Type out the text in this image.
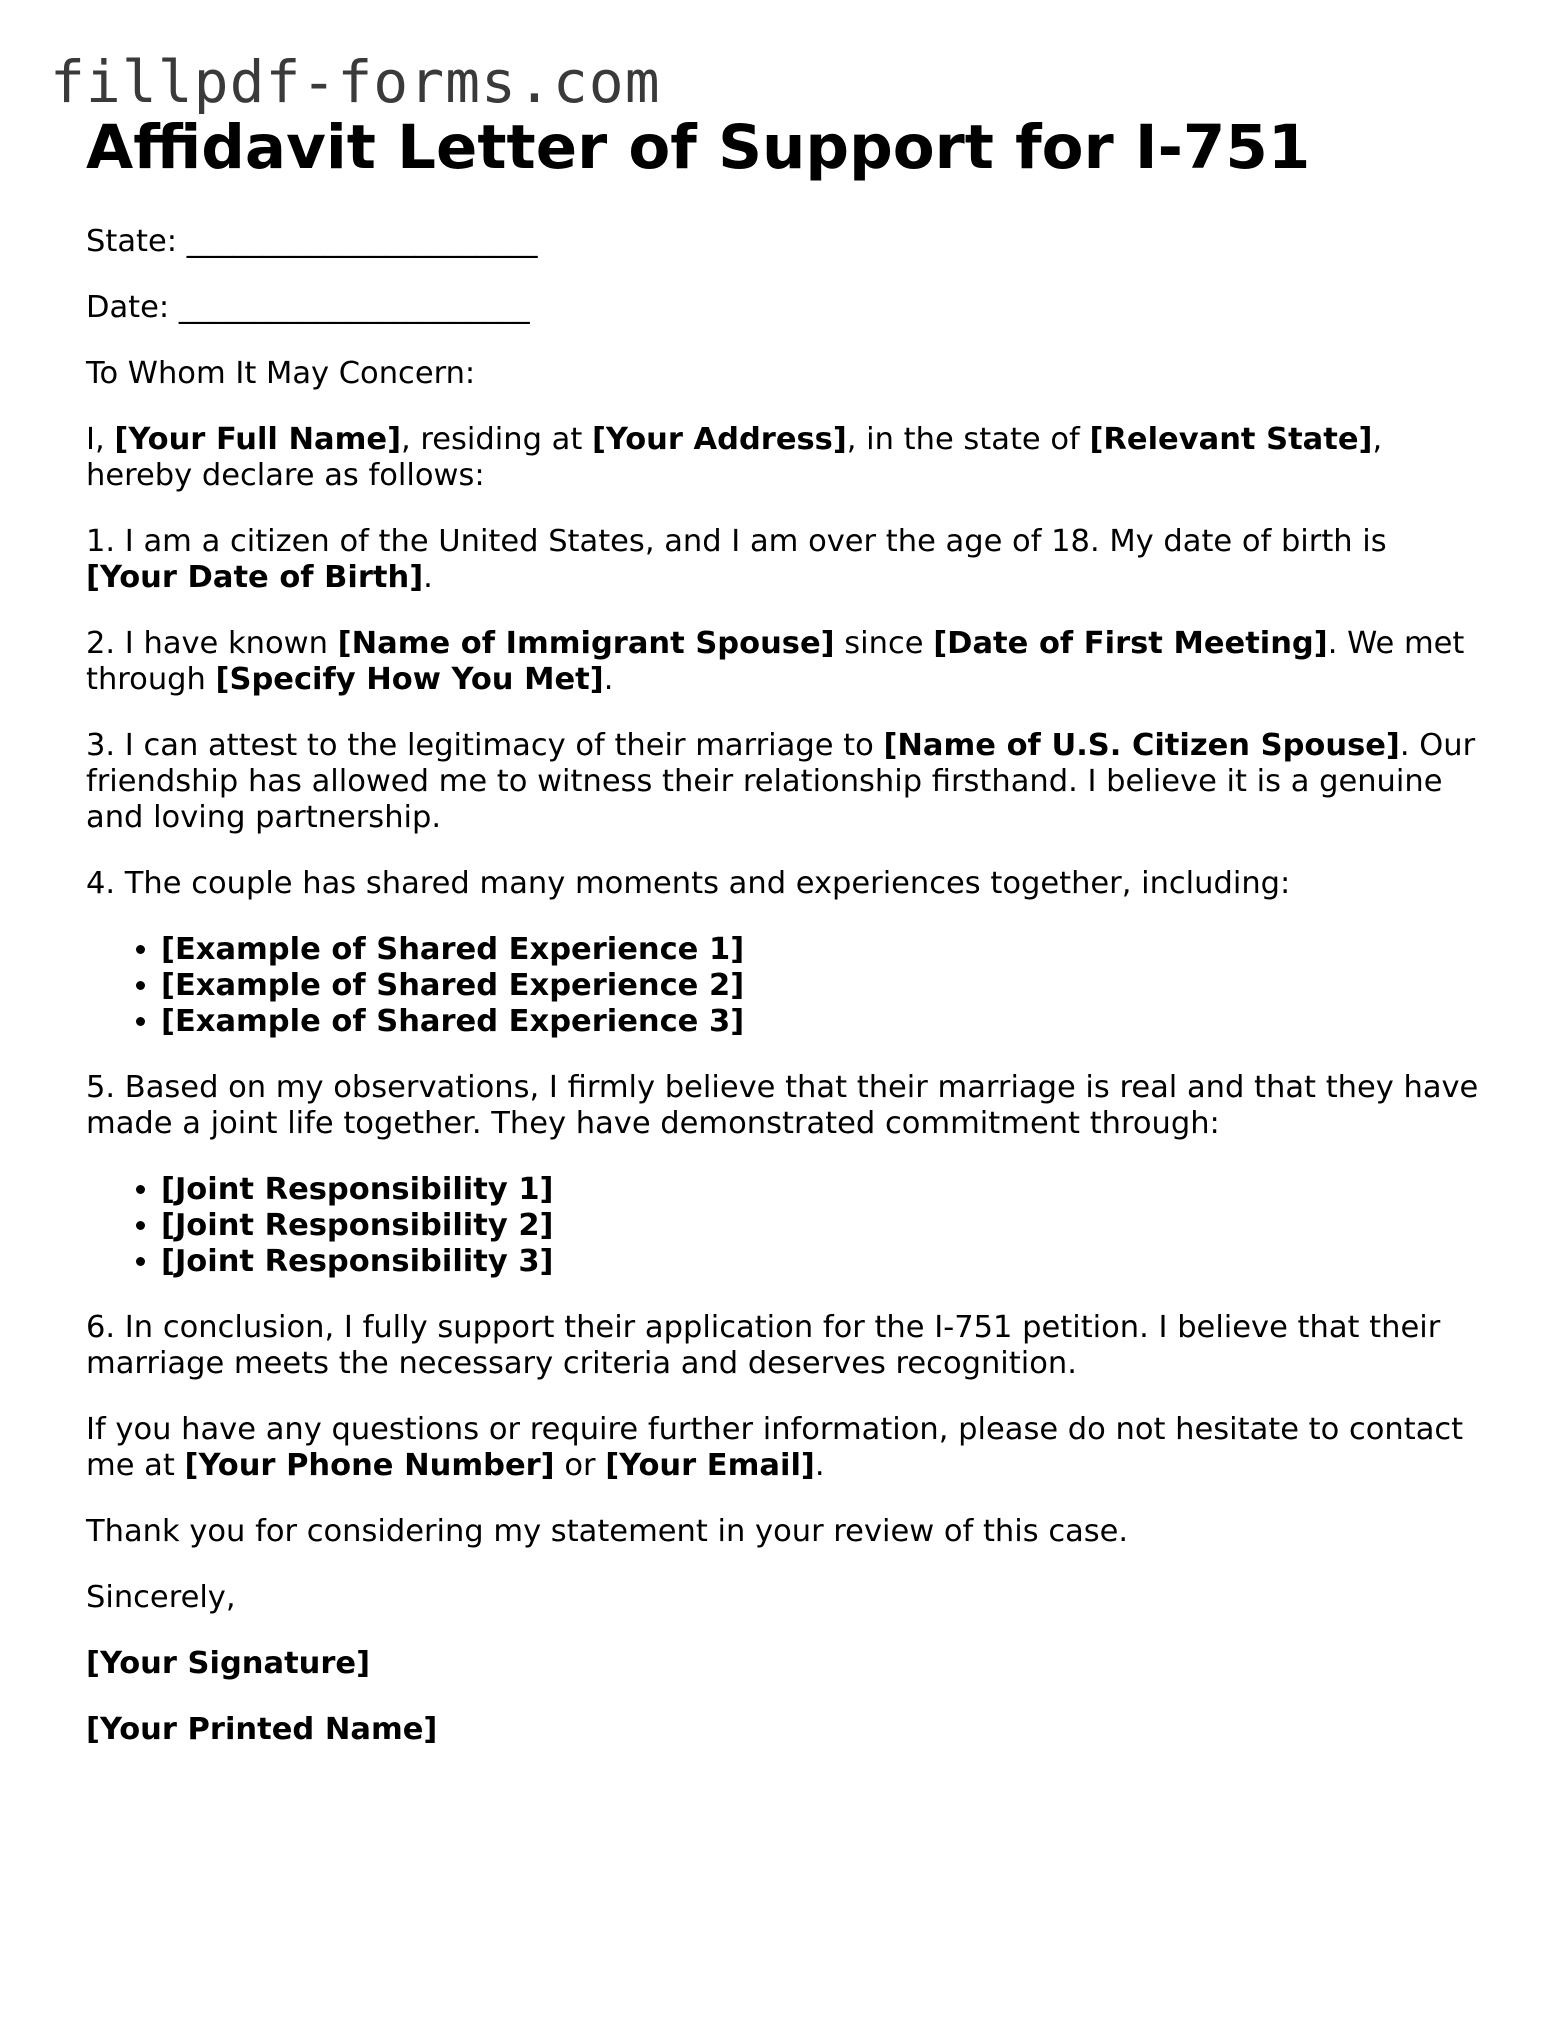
fillpdf-forms.com
Affidavit Letter of Support for I-751

State: _______________________

Date: _______________________

To Whom It May Concern:

I, [Your Full Name], residing at [Your Address], in the state of [Relevant State], hereby declare as follows:

1. I am a citizen of the United States, and I am over the age of 18. My date of birth is [Your Date of Birth].

2. I have known [Name of Immigrant Spouse] since [Date of First Meeting]. We met through [Specify How You Met].

3. I can attest to the legitimacy of their marriage to [Name of U.S. Citizen Spouse]. Our friendship has allowed me to witness their relationship firsthand. I believe it is a genuine and loving partnership.

4. The couple has shared many moments and experiences together, including:

• [Example of Shared Experience 1]
• [Example of Shared Experience 2]
• [Example of Shared Experience 3]

5. Based on my observations, I firmly believe that their marriage is real and that they have made a joint life together. They have demonstrated commitment through:

• [Joint Responsibility 1]
• [Joint Responsibility 2]
• [Joint Responsibility 3]

6. In conclusion, I fully support their application for the I-751 petition. I believe that their marriage meets the necessary criteria and deserves recognition.

If you have any questions or require further information, please do not hesitate to contact me at [Your Phone Number] or [Your Email].

Thank you for considering my statement in your review of this case.

Sincerely,

[Your Signature]

[Your Printed Name]
